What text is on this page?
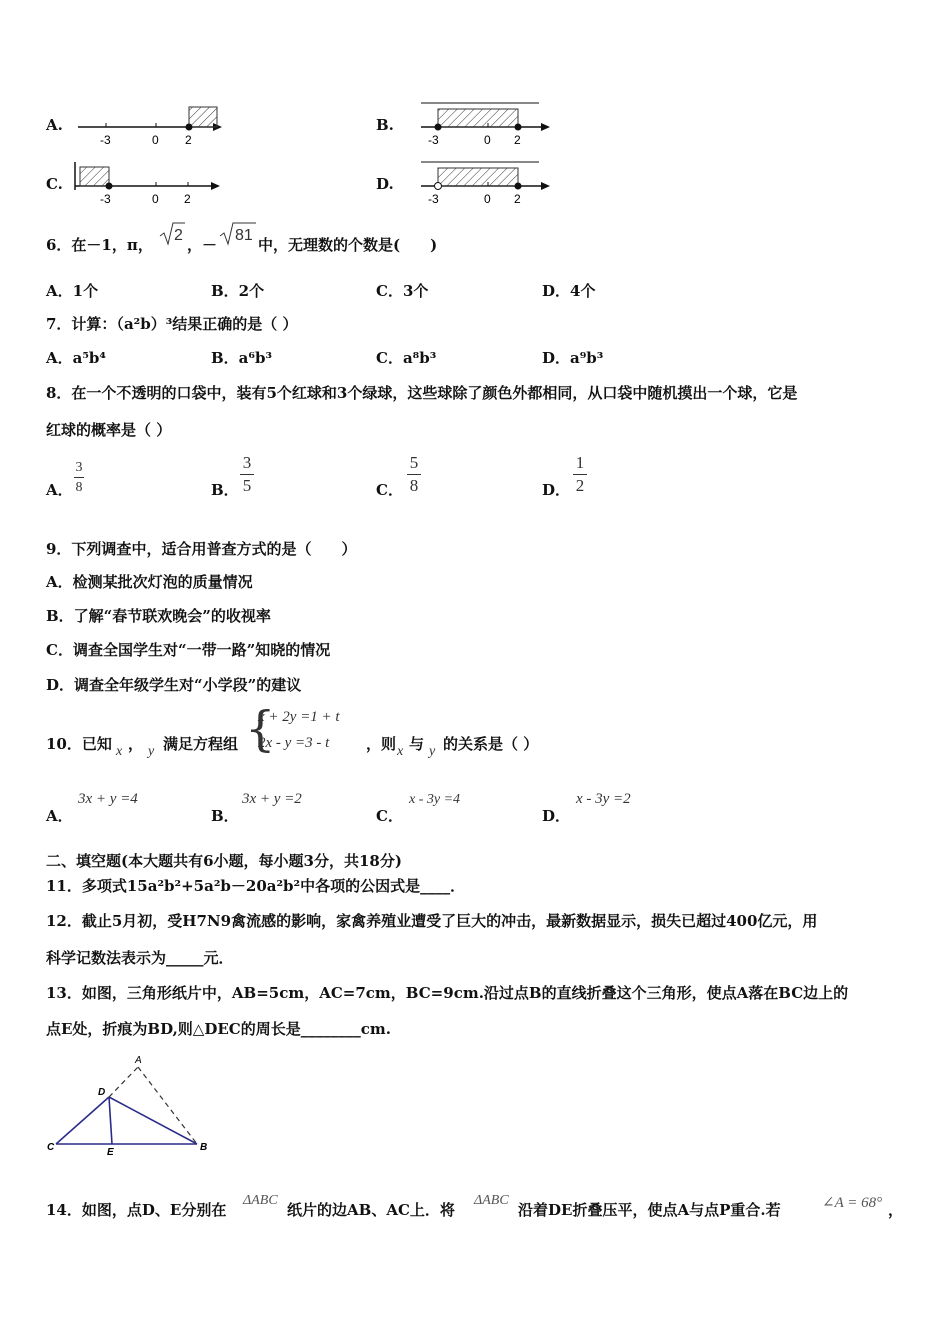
A.
-3	0 2
B.
-3	0 2
C.
-3	0 2
D.
-3	0 2
6．在－1，π，
2
，－
81
中，无理数的个数是(　　)
A．1个	B．2个	C．3个	D．4个
7．计算：（a²b）³结果正确的是（ ）
A．a⁵b⁴	B．a⁶b³	C．a⁸b³	D．a⁹b³
8．在一个不透明的口袋中，装有5个红球和3个绿球，这些球除了颜色外都相同，从口袋中随机摸出一个球，它是
红球的概率是（ ）
A．
3
8	B．
3
5	C．
5
8	D．
1
2
9．下列调查中，适合用普查方式的是（　　）
A．检测某批次灯泡的质量情况
B．了解“春节联欢晚会”的收视率
C．调查全国学生对“一带一路”知晓的情况
D．调查全年级学生对“小学段”的建议
10．已知 x ， y 满足方程组 {
x + 2y =1 + t
2x - y =3 - t	，则 x 与 y 的关系是（ ）
A．
3x + y =4
B．
3x + y =2
C．
x - 3y =4
D．
x - 3y =2
二、填空题(本大题共有6小题，每小题3分，共18分)
11．多项式15a²b²+5a²b－20a²b²中各项的公因式是____．
12．截止5月初，受H7N9禽流感的影响，家禽养殖业遭受了巨大的冲击，最新数据显示，损失已超过400亿元，用
科学记数法表示为_____元．
13．如图，三角形纸片中，AB=5cm，AC=7cm，BC=9cm.沿过点B的直线折叠这个三角形，使点A落在BC边上的
点E处，折痕为BD,则△DEC的周长是________cm.
A
D
C	E	B
14．如图，点D、E分别在
ΔABC
纸片的边AB、AC上．将
ΔABC
沿着DE折叠压平，使点A与点P重合.若	∠A = 68° ，
